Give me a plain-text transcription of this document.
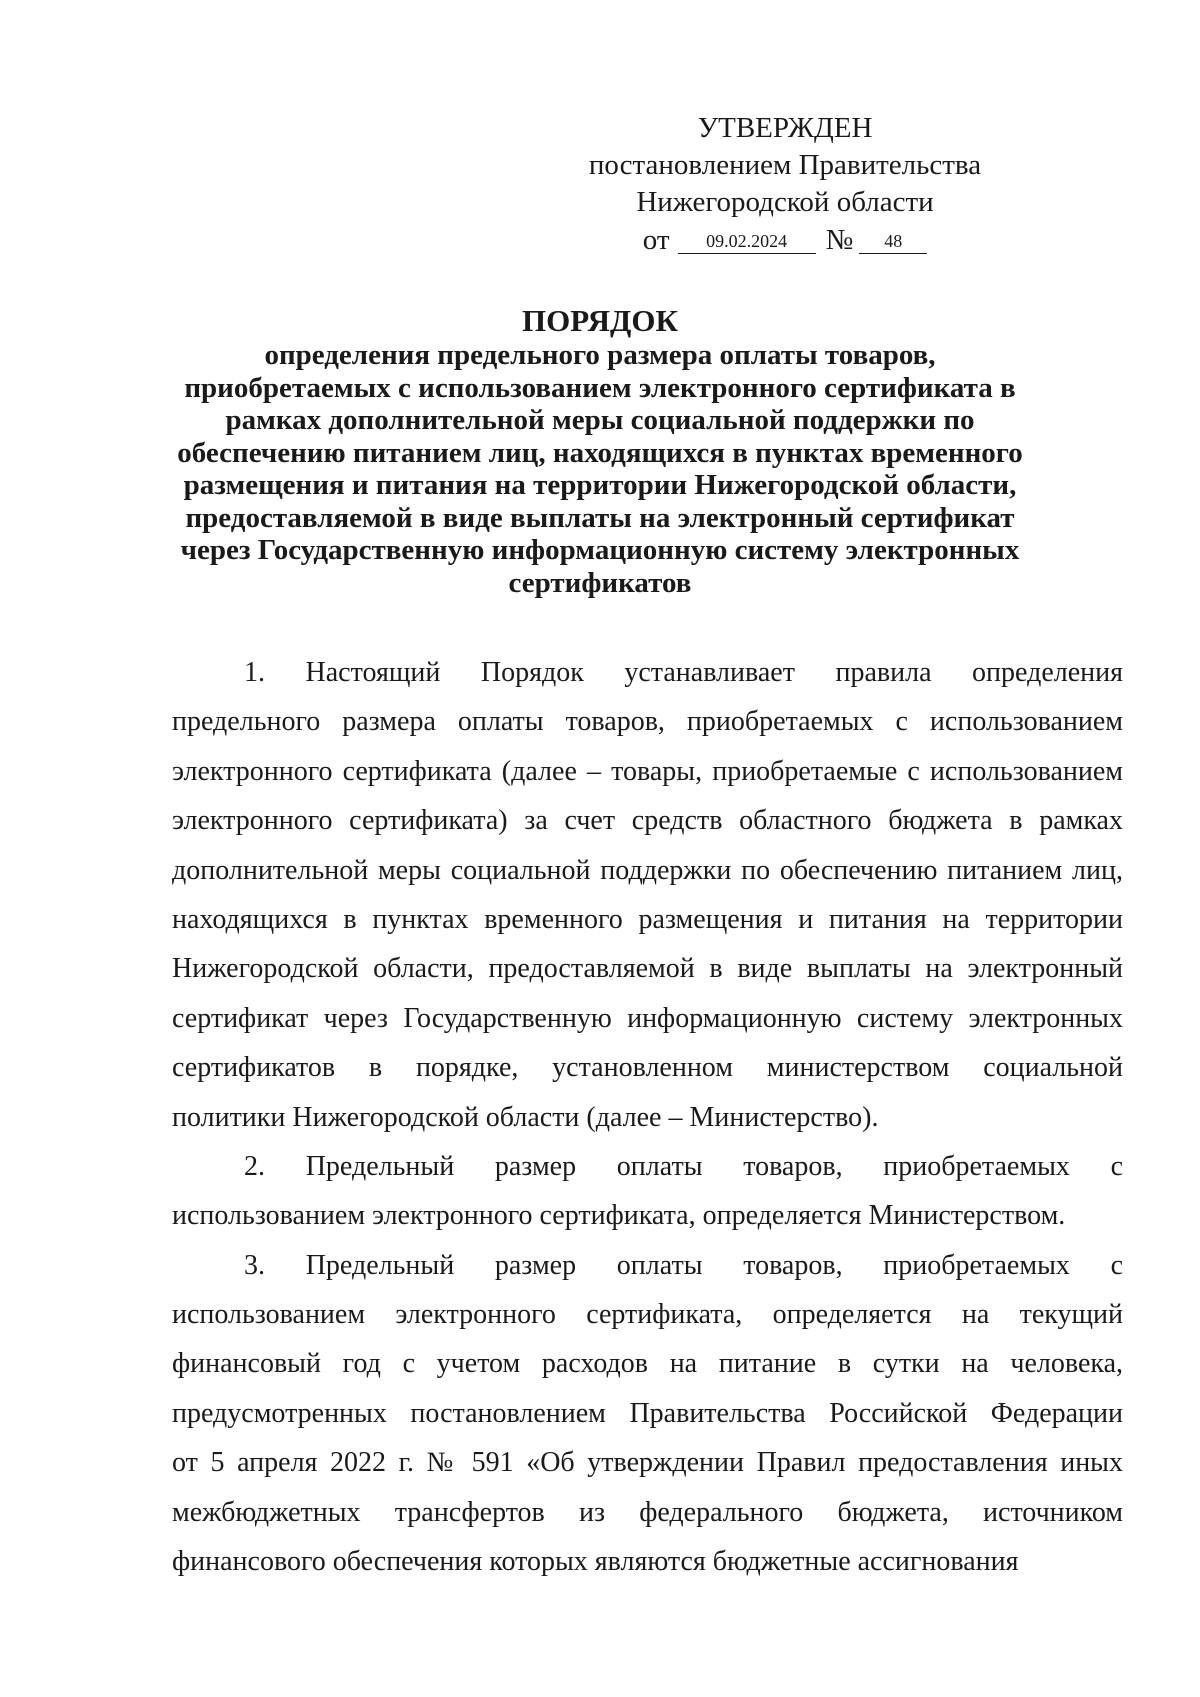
УТВЕРЖДЕН
постановлением Правительства
Нижегородской области
от 09.02.2024 № 48
ПОРЯДОК
определения предельного размера оплаты товаров,
приобретаемых с использованием электронного сертификата в
рамках дополнительной меры социальной поддержки по
обеспечению питанием лиц, находящихся в пунктах временного
размещения и питания на территории Нижегородской области,
предоставляемой в виде выплаты на электронный сертификат
через Государственную информационную систему электронных
сертификатов
1. Настоящий Порядок устанавливает правила определения
предельного размера оплаты товаров, приобретаемых с использованием
электронного сертификата (далее – товары, приобретаемые с использованием
электронного сертификата) за счет средств областного бюджета в рамках
дополнительной меры социальной поддержки по обеспечению питанием лиц,
находящихся в пунктах временного размещения и питания на территории
Нижегородской области, предоставляемой в виде выплаты на электронный
сертификат через Государственную информационную систему электронных
сертификатов в порядке, установленном министерством социальной
политики Нижегородской области (далее – Министерство).
2. Предельный размер оплаты товаров, приобретаемых с
использованием электронного сертификата, определяется Министерством.
3. Предельный размер оплаты товаров, приобретаемых с
использованием электронного сертификата, определяется на текущий
финансовый год с учетом расходов на питание в сутки на человека,
предусмотренных постановлением Правительства Российской Федерации
от 5 апреля 2022 г. № 591 «Об утверждении Правил предоставления иных
межбюджетных трансфертов из федерального бюджета, источником
финансового обеспечения которых являются бюджетные ассигнования
